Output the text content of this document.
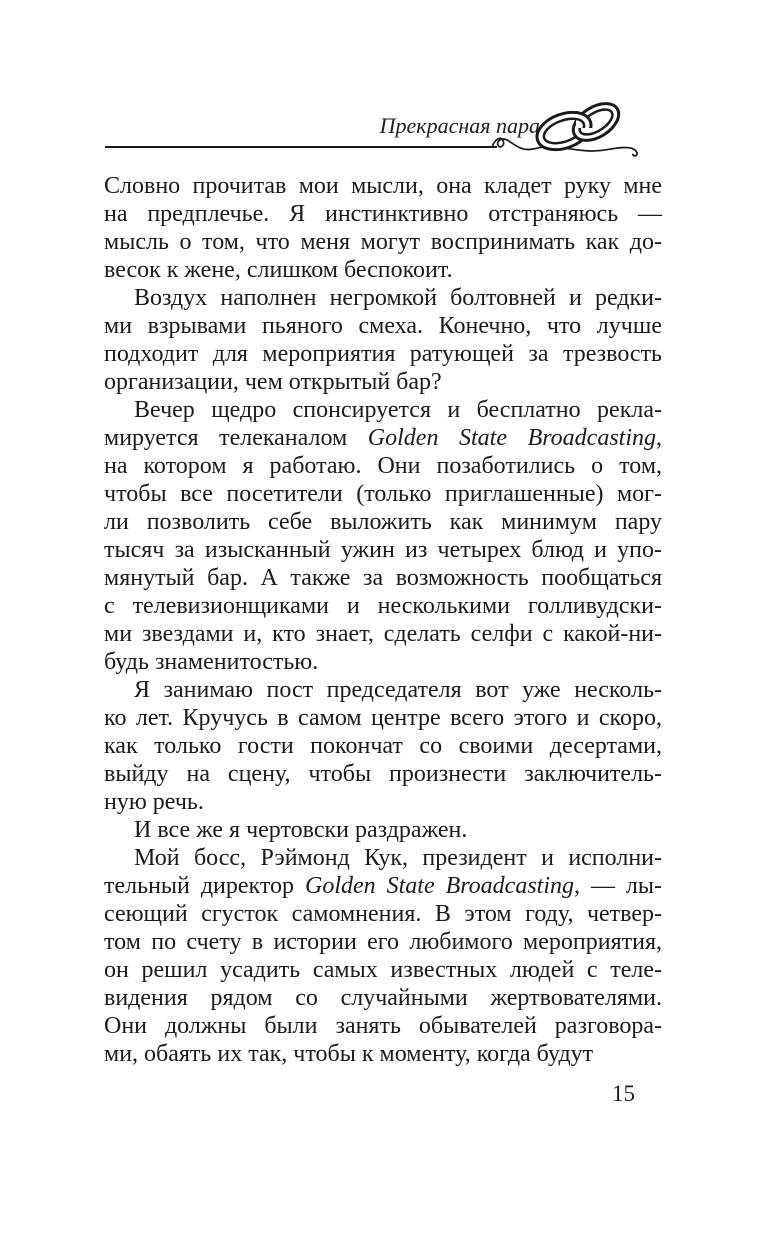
Прекрасная пара
Словно прочитав мои мысли, она кладет руку мне
на предплечье. Я инстинктивно отстраняюсь —
мысль о том, что меня могут воспринимать как до-
весок к жене, слишком беспокоит.
Воздух наполнен негромкой болтовней и редки-
ми взрывами пьяного смеха. Конечно, что лучше
подходит для мероприятия ратующей за трезвость
организации, чем открытый бар?
Вечер щедро спонсируется и бесплатно рекла-
мируется телеканалом Golden State Broadcasting,
на котором я работаю. Они позаботились о том,
чтобы все посетители (только приглашенные) мог-
ли позволить себе выложить как минимум пару
тысяч за изысканный ужин из четырех блюд и упо-
мянутый бар. А также за возможность пообщаться
с телевизионщиками и несколькими голливудски-
ми звездами и, кто знает, сделать селфи с какой-ни-
будь знаменитостью.
Я занимаю пост председателя вот уже несколь-
ко лет. Кручусь в самом центре всего этого и скоро,
как только гости покончат со своими десертами,
выйду на сцену, чтобы произнести заключитель-
ную речь.
И все же я чертовски раздражен.
Мой босс, Рэймонд Кук, президент и исполни-
тельный директор Golden State Broadcasting, — лы-
сеющий сгусток самомнения. В этом году, четвер-
том по счету в истории его любимого мероприятия,
он решил усадить самых известных людей с теле-
видения рядом со случайными жертвователями.
Они должны были занять обывателей разговора-
ми, обаять их так, чтобы к моменту, когда будут
15
